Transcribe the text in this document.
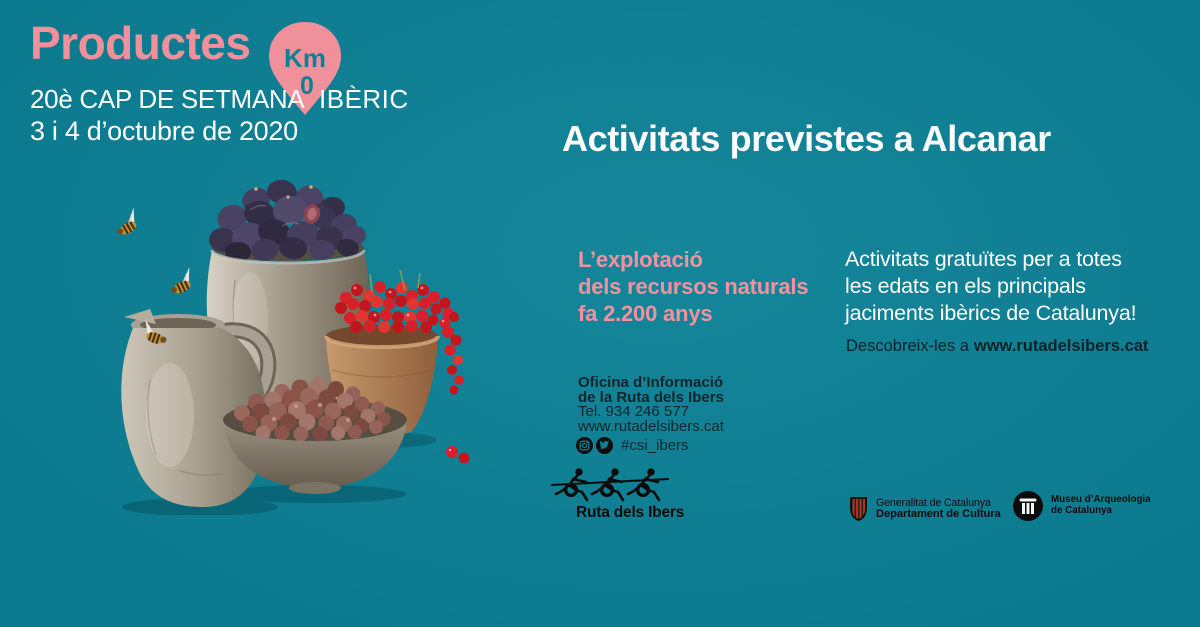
Productes Km
0
20è CAP DE SETMANA IBÈRIC
3 i 4 d’octubre de 2020	Activitats previstes a Alcanar
L’explotació
dels recursos naturals
fa 2.200 anys
Oficina d’Informació
de la Ruta dels Ibers
Tel. 934 246 577
www.rutadelsibers.cat
#csi_ibers
Ruta dels Ibers
Activitats gratuïtes per a totes
les edats en els principals
jaciments ibèrics de Catalunya!
Descobreix-les a www.rutadelsibers.cat
Generalitat de Catalunya
Departament de Cultura
Museu d’Arqueologia
de Catalunya
